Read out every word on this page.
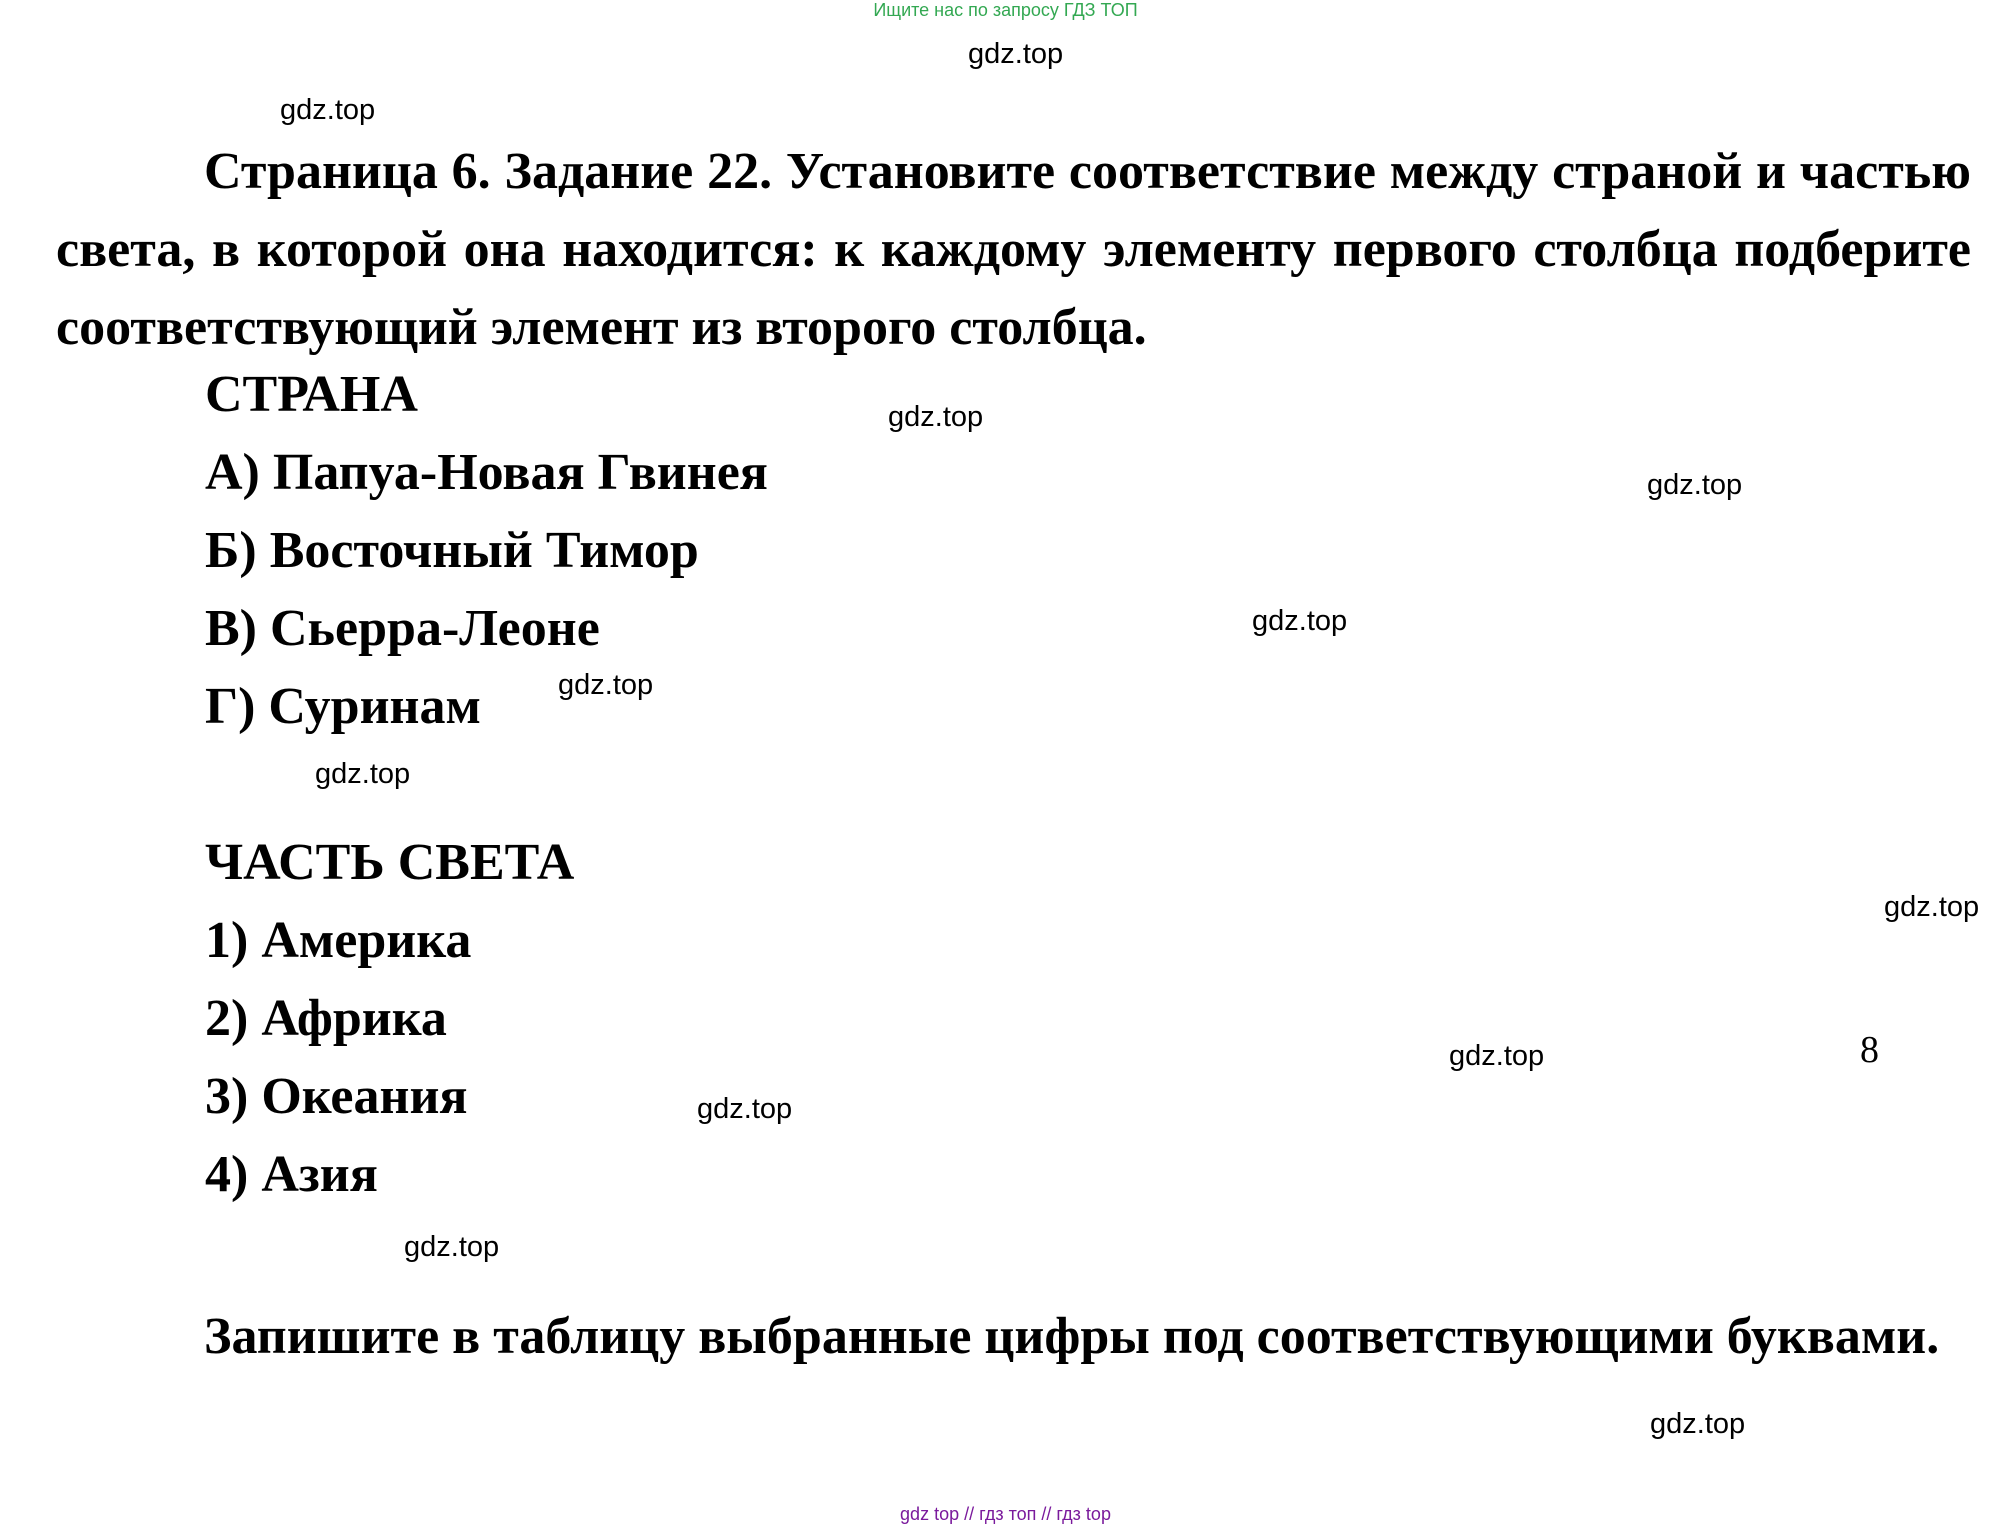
Ищите нас по запросу ГДЗ ТОП
gdz top // гдз топ // гдз top
gdz.top
gdz.top
gdz.top
gdz.top
gdz.top
gdz.top
gdz.top
gdz.top
gdz.top
gdz.top
gdz.top
gdz.top
Страница 6. Задание 22. Установите соответствие между страной и частью света, в которой она находится: к каждому элементу первого столбца подберите соответствующий элемент из второго столбца.
СТРАНА
А) Папуа-Новая Гвинея
Б) Восточный Тимор
В) Сьерра-Леоне
Г) Суринам
ЧАСТЬ СВЕТА
1) Америка
2) Африка
3) Океания
4) Азия
8
Запишите в таблицу выбранные цифры под соответствующими буквами.
